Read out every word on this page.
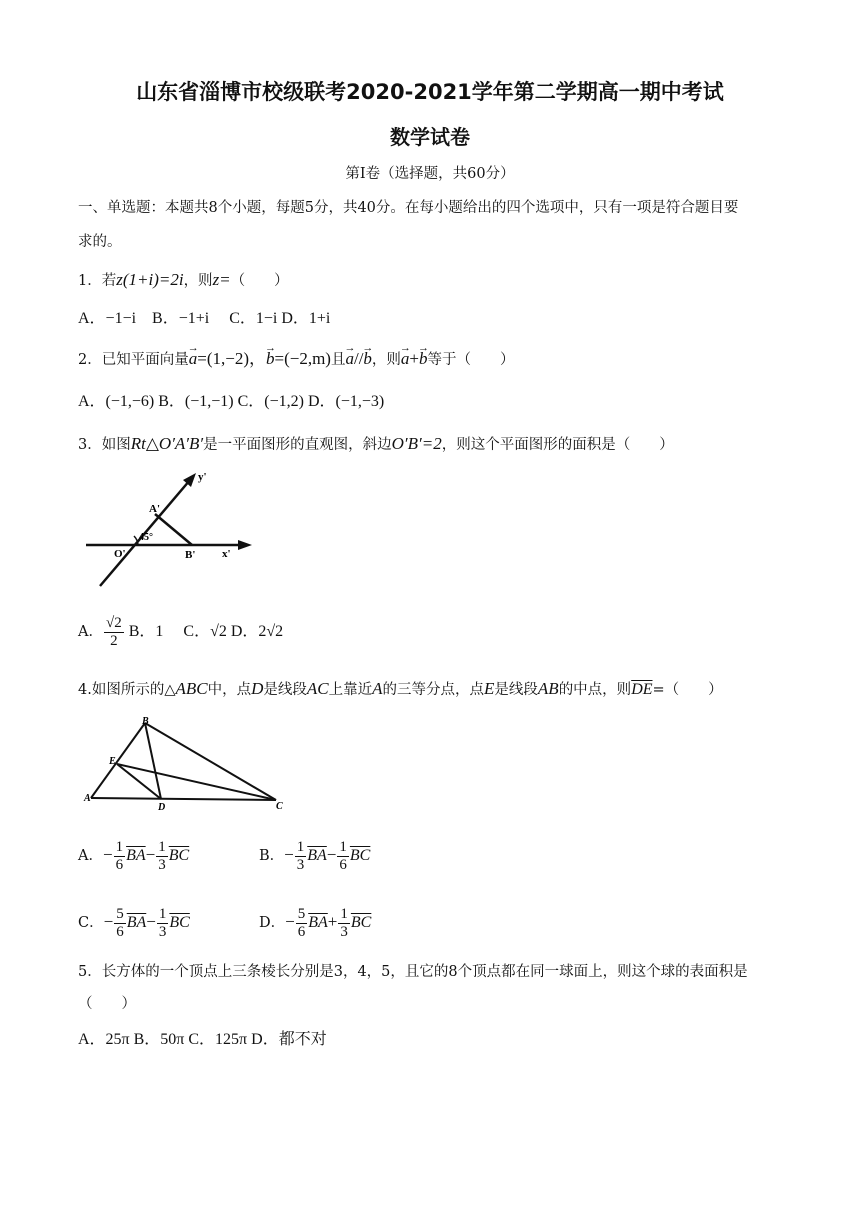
山东省淄博市校级联考2020-2021学年第二学期高一期中考试
数学试卷
第Ⅰ卷（选择题，共60分）
一、单选题：本题共8个小题，每题5分，共40分。在每小题给出的四个选项中，只有一项是符合题目要
求的。
1．若z(1+i)=2i，则z=（　　）
A．−1−i　B．−1+i　 C．1−i D．1+i
2．已知平面向量→ a=(1,−2)，→ b=(−2,m)且→ a//→ b，则→ a+→ b等于（　　）
A．(−1,−6) B．(−1,−1) C．(−1,2) D．(−1,−3)
3．如图Rt△O′A′B′是一平面图形的直观图，斜边O′B′=2，则这个平面图形的面积是（　　）
y'
A'
45°
O'	B' x'
A． $\frac{√2}{2}$ B．1　 C．√2 D．2√2
4.如图所示的△ABC中，点D是线段AC上靠近A的三等分点，点E是线段AB的中点，则$\overline{DE}=$（　　）
A
B
C
D
E
A．− $\frac{1}{6} \overline{BA}- \frac{1}{3} \overline{BC}$	B．− $\frac{1}{3} \overline{BA}- \frac{1}{6} \overline{BC}$
C．− $\frac{5}{6} \overline{BA}- \frac{1}{3} \overline{BC}$	D．− $\frac{5}{6} \overline{BA}+ \frac{1}{3} \overline{BC}$
5．长方体的一个顶点上三条棱长分别是3，4，5，且它的8个顶点都在同一球面上，则这个球的表面积是
（　　）
A．25π B．50π C．125π D．都不对
